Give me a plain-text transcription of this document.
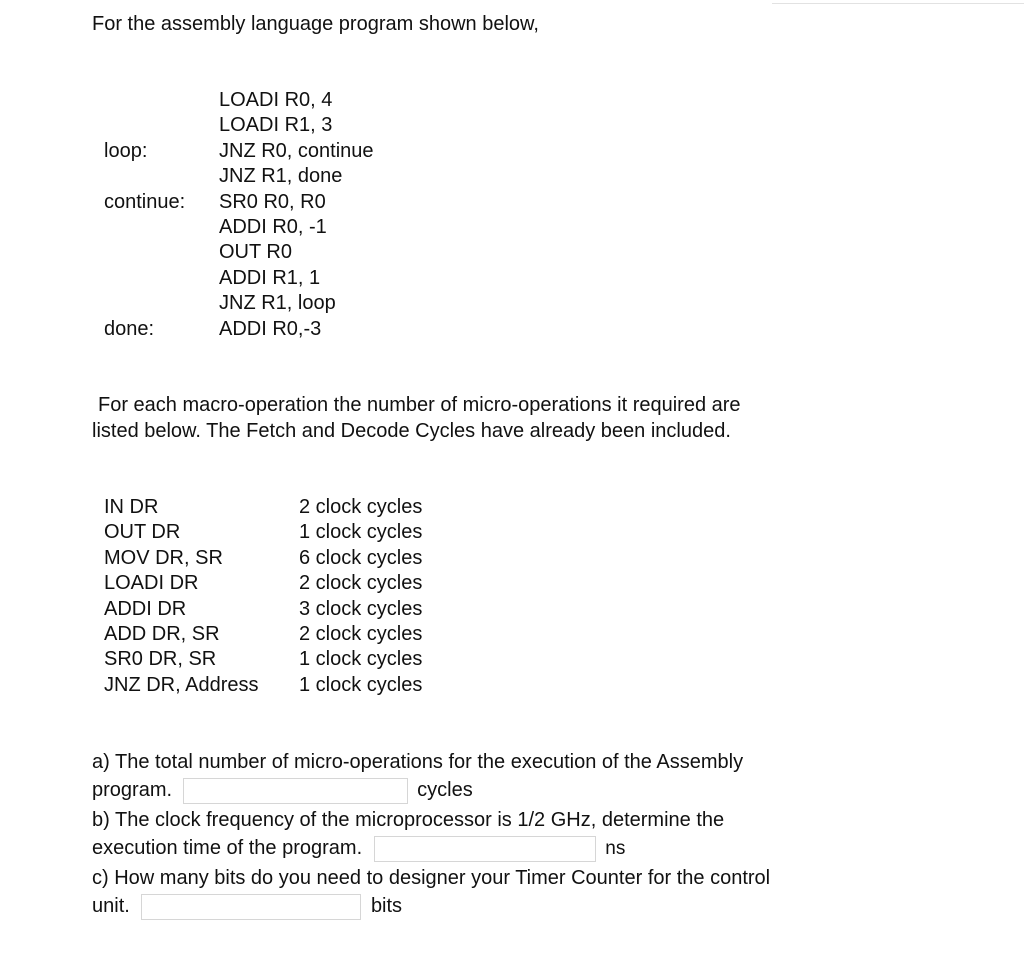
For the assembly language program shown below,
	LOADI R0, 4
	LOADI R1, 3
loop:	JNZ R0, continue
	JNZ R1, done
continue:	SR0 R0, R0
	ADDI R0, -1
	OUT R0
	ADDI R1, 1
	JNZ R1, loop
done:	ADDI R0,-3
For each macro-operation the number of micro-operations it required are
listed below. The Fetch and Decode Cycles have already been included.
IN DR	2 clock cycles
OUT DR	1 clock cycles
MOV DR, SR	6 clock cycles
LOADI DR	2 clock cycles
ADDI DR	3 clock cycles
ADD DR, SR	2 clock cycles
SR0 DR, SR	1 clock cycles
JNZ DR, Address	1 clock cycles
a) The total number of micro-operations for the execution of the Assembly
program.	cycles
b) The clock frequency of the microprocessor is 1/2 GHz, determine the
execution time of the program.	ns
c) How many bits do you need to designer your Timer Counter for the control
unit.	bits
